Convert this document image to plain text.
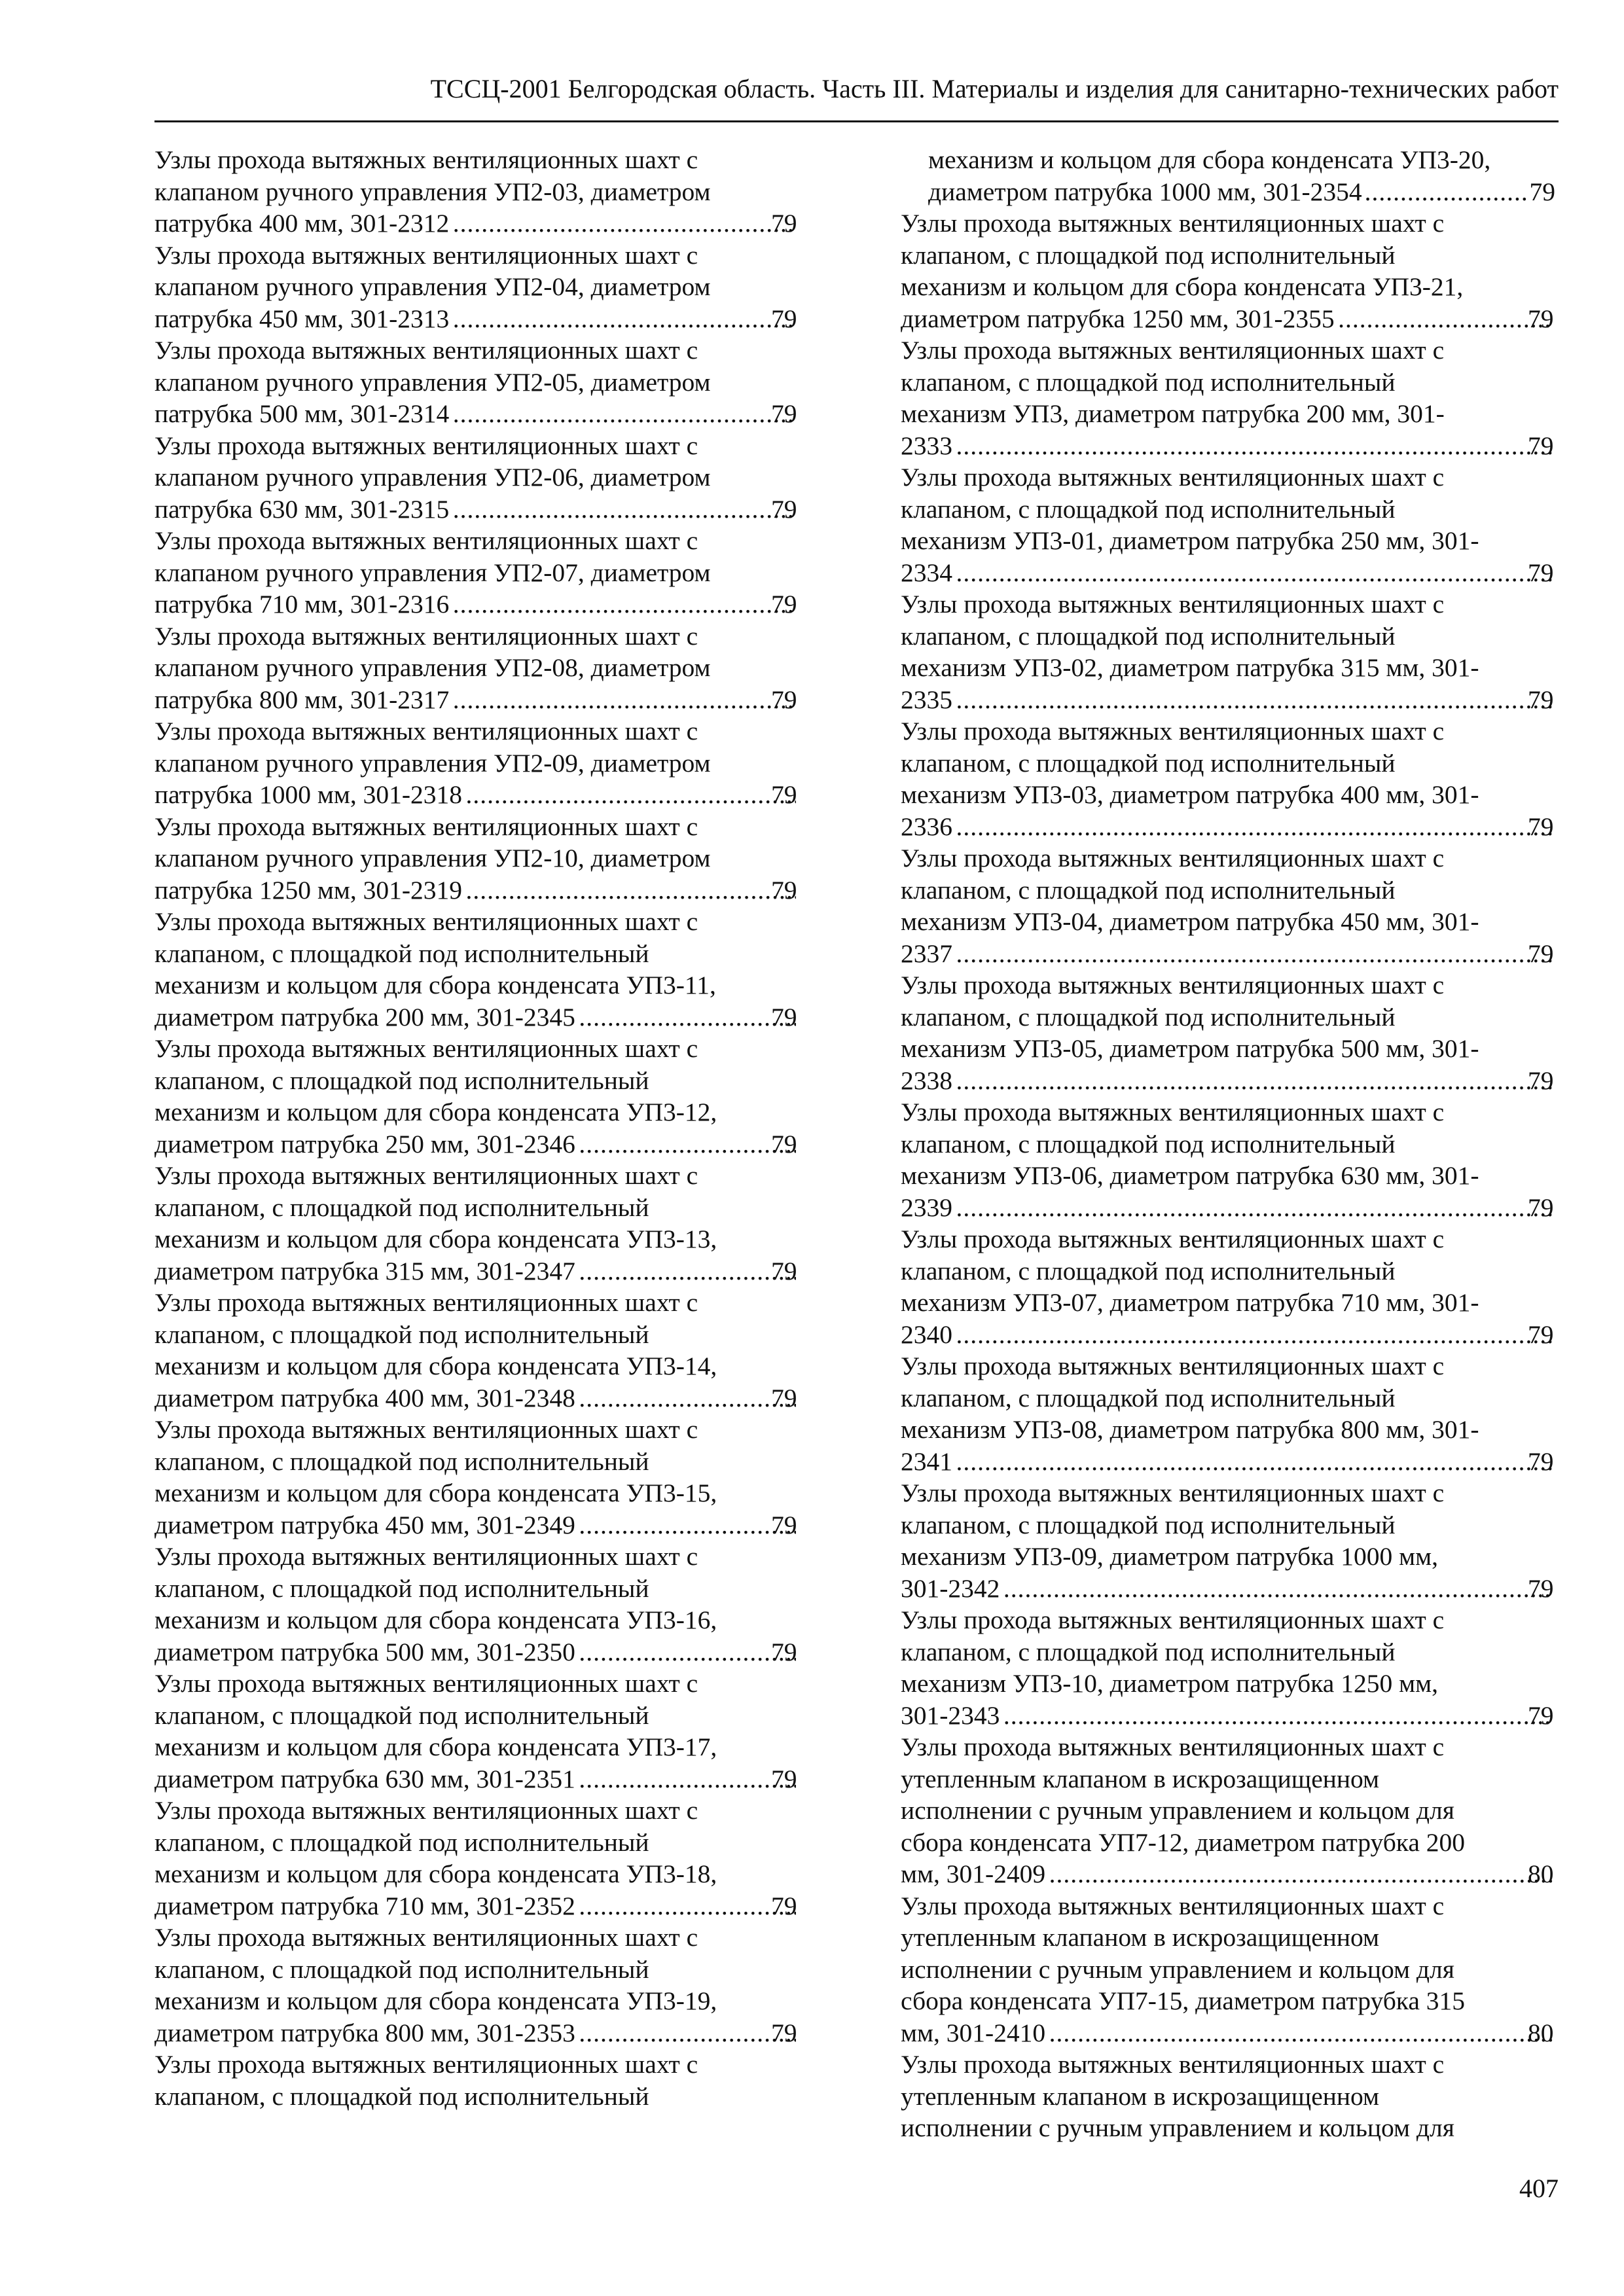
ТССЦ-2001 Белгородская область. Часть III. Материалы и изделия для санитарно-технических работ
Узлы прохода вытяжных вентиляционных шахт с
клапаном ручного управления УП2-03, диаметром
патрубка 400 мм, 301-2312 .....	79
Узлы прохода вытяжных вентиляционных шахт с
клапаном ручного управления УП2-04, диаметром
патрубка 450 мм, 301-2313 .....	79
Узлы прохода вытяжных вентиляционных шахт с
клапаном ручного управления УП2-05, диаметром
патрубка 500 мм, 301-2314 .....	79
Узлы прохода вытяжных вентиляционных шахт с
клапаном ручного управления УП2-06, диаметром
патрубка 630 мм, 301-2315 .....	79
Узлы прохода вытяжных вентиляционных шахт с
клапаном ручного управления УП2-07, диаметром
патрубка 710 мм, 301-2316 .....	79
Узлы прохода вытяжных вентиляционных шахт с
клапаном ручного управления УП2-08, диаметром
патрубка 800 мм, 301-2317 .....	79
Узлы прохода вытяжных вентиляционных шахт с
клапаном ручного управления УП2-09, диаметром
патрубка 1000 мм, 301-2318 .....	79
Узлы прохода вытяжных вентиляционных шахт с
клапаном ручного управления УП2-10, диаметром
патрубка 1250 мм, 301-2319 .....	79
Узлы прохода вытяжных вентиляционных шахт с
клапаном, с площадкой под исполнительный
механизм и кольцом для сбора конденсата УП3-11,
диаметром патрубка 200 мм, 301-2345 .....	79
Узлы прохода вытяжных вентиляционных шахт с
клапаном, с площадкой под исполнительный
механизм и кольцом для сбора конденсата УП3-12,
диаметром патрубка 250 мм, 301-2346 .....	79
Узлы прохода вытяжных вентиляционных шахт с
клапаном, с площадкой под исполнительный
механизм и кольцом для сбора конденсата УП3-13,
диаметром патрубка 315 мм, 301-2347 .....	79
Узлы прохода вытяжных вентиляционных шахт с
клапаном, с площадкой под исполнительный
механизм и кольцом для сбора конденсата УП3-14,
диаметром патрубка 400 мм, 301-2348 .....	79
Узлы прохода вытяжных вентиляционных шахт с
клапаном, с площадкой под исполнительный
механизм и кольцом для сбора конденсата УП3-15,
диаметром патрубка 450 мм, 301-2349 .....	79
Узлы прохода вытяжных вентиляционных шахт с
клапаном, с площадкой под исполнительный
механизм и кольцом для сбора конденсата УП3-16,
диаметром патрубка 500 мм, 301-2350 .....	79
Узлы прохода вытяжных вентиляционных шахт с
клапаном, с площадкой под исполнительный
механизм и кольцом для сбора конденсата УП3-17,
диаметром патрубка 630 мм, 301-2351 .....	79
Узлы прохода вытяжных вентиляционных шахт с
клапаном, с площадкой под исполнительный
механизм и кольцом для сбора конденсата УП3-18,
диаметром патрубка 710 мм, 301-2352 .....	79
Узлы прохода вытяжных вентиляционных шахт с
клапаном, с площадкой под исполнительный
механизм и кольцом для сбора конденсата УП3-19,
диаметром патрубка 800 мм, 301-2353 .....	79
Узлы прохода вытяжных вентиляционных шахт с
клапаном, с площадкой под исполнительный
механизм и кольцом для сбора конденсата УП3-20,
диаметром патрубка 1000 мм, 301-2354 .....	79
Узлы прохода вытяжных вентиляционных шахт с
клапаном, с площадкой под исполнительный
механизм и кольцом для сбора конденсата УП3-21,
диаметром патрубка 1250 мм, 301-2355 .....	79
Узлы прохода вытяжных вентиляционных шахт с
клапаном, с площадкой под исполнительный
механизм УП3, диаметром патрубка 200 мм, 301-
2333 .....	79
Узлы прохода вытяжных вентиляционных шахт с
клапаном, с площадкой под исполнительный
механизм УП3-01, диаметром патрубка 250 мм, 301-
2334 .....	79
Узлы прохода вытяжных вентиляционных шахт с
клапаном, с площадкой под исполнительный
механизм УП3-02, диаметром патрубка 315 мм, 301-
2335 .....	79
Узлы прохода вытяжных вентиляционных шахт с
клапаном, с площадкой под исполнительный
механизм УП3-03, диаметром патрубка 400 мм, 301-
2336 .....	79
Узлы прохода вытяжных вентиляционных шахт с
клапаном, с площадкой под исполнительный
механизм УП3-04, диаметром патрубка 450 мм, 301-
2337 .....	79
Узлы прохода вытяжных вентиляционных шахт с
клапаном, с площадкой под исполнительный
механизм УП3-05, диаметром патрубка 500 мм, 301-
2338 .....	79
Узлы прохода вытяжных вентиляционных шахт с
клапаном, с площадкой под исполнительный
механизм УП3-06, диаметром патрубка 630 мм, 301-
2339 .....	79
Узлы прохода вытяжных вентиляционных шахт с
клапаном, с площадкой под исполнительный
механизм УП3-07, диаметром патрубка 710 мм, 301-
2340 .....	79
Узлы прохода вытяжных вентиляционных шахт с
клапаном, с площадкой под исполнительный
механизм УП3-08, диаметром патрубка 800 мм, 301-
2341 .....	79
Узлы прохода вытяжных вентиляционных шахт с
клапаном, с площадкой под исполнительный
механизм УП3-09, диаметром патрубка 1000 мм,
301-2342 .....	79
Узлы прохода вытяжных вентиляционных шахт с
клапаном, с площадкой под исполнительный
механизм УП3-10, диаметром патрубка 1250 мм,
301-2343 .....	79
Узлы прохода вытяжных вентиляционных шахт с
утепленным клапаном в искрозащищенном
исполнении с ручным управлением и кольцом для
сбора конденсата УП7-12, диаметром патрубка 200
мм, 301-2409 .....	80
Узлы прохода вытяжных вентиляционных шахт с
утепленным клапаном в искрозащищенном
исполнении с ручным управлением и кольцом для
сбора конденсата УП7-15, диаметром патрубка 315
мм, 301-2410 .....	80
Узлы прохода вытяжных вентиляционных шахт с
утепленным клапаном в искрозащищенном
исполнении с ручным управлением и кольцом для
407
